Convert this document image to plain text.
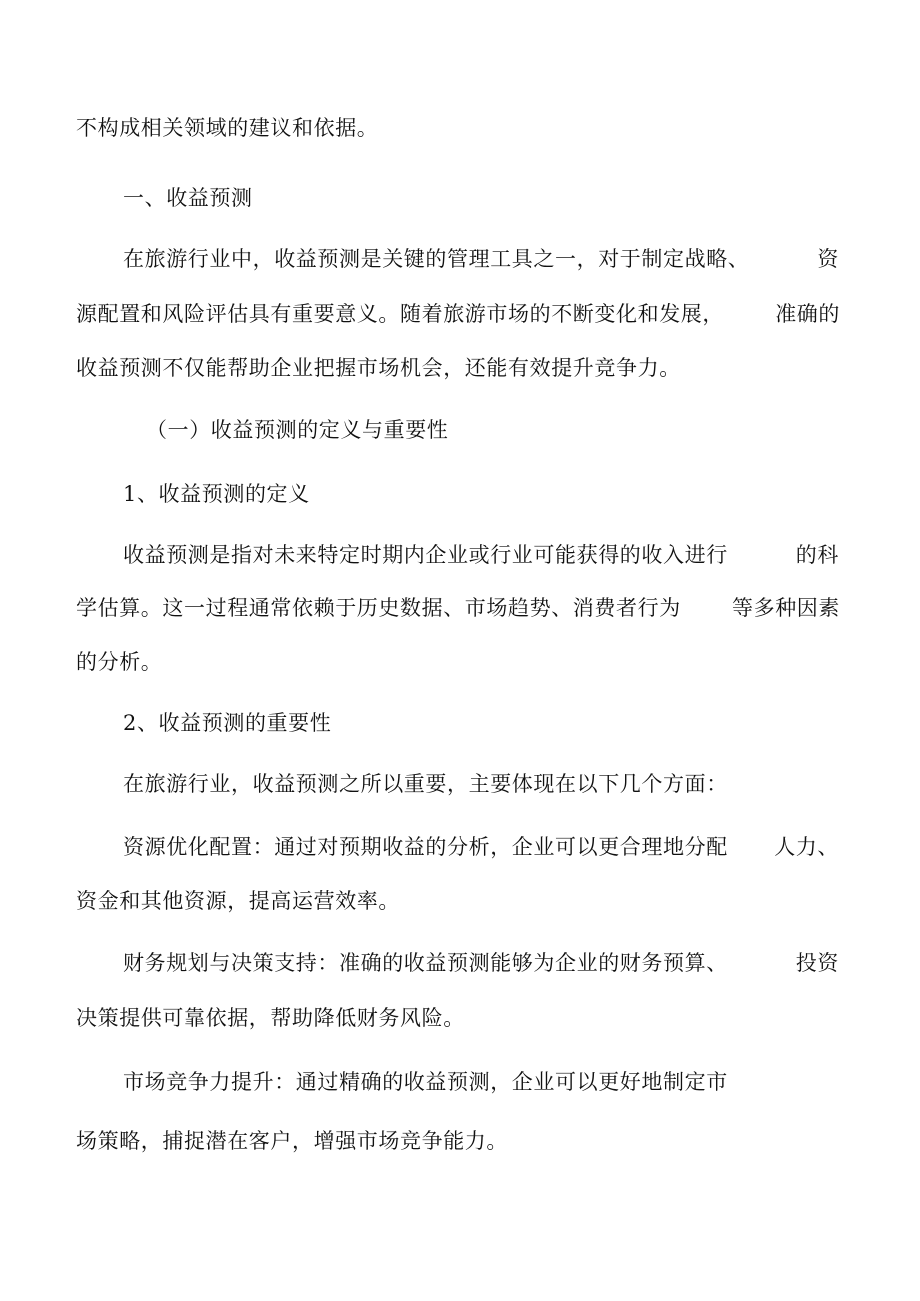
不构成相关领域的建议和依据。

一、收益预测

在旅游行业中，收益预测是关键的管理工具之一，对于制定战略、	资

源配置和风险评估具有重要意义。随着旅游市场的不断变化和发展， 准确的

收益预测不仅能帮助企业把握市场机会，还能有效提升竞争力。

（一）收益预测的定义与重要性

1、收益预测的定义

收益预测是指对未来特定时期内企业或行业可能获得的收入进行	的科

学估算。这一过程通常依赖于历史数据、市场趋势、消费者行为 等多种因素

的分析。

2、收益预测的重要性

在旅游行业，收益预测之所以重要，主要体现在以下几个方面：

资源优化配置：通过对预期收益的分析，企业可以更合理地分配 人力、

资金和其他资源，提高运营效率。

财务规划与决策支持：准确的收益预测能够为企业的财务预算、	投资

决策提供可靠依据，帮助降低财务风险。

市场竞争力提升：通过精确的收益预测，企业可以更好地制定市

场策略，捕捉潜在客户，增强市场竞争能力。
